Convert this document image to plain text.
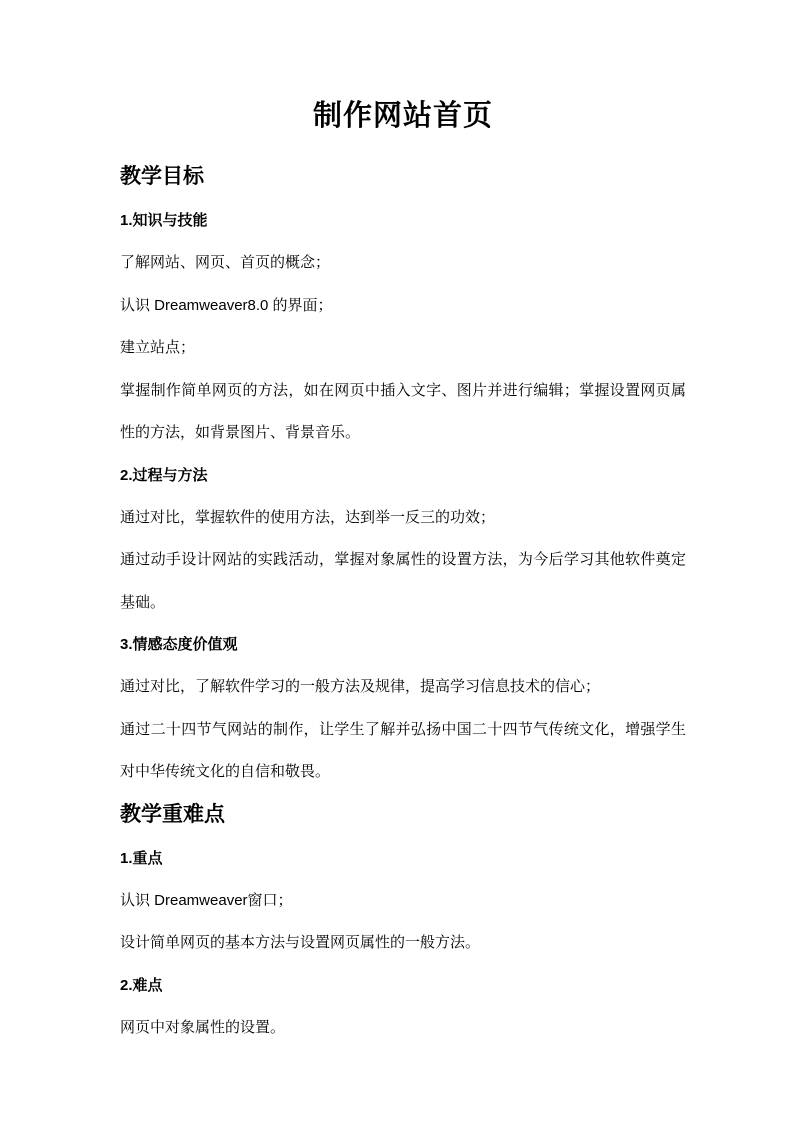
制作网站首页
教学目标
1.知识与技能

了解网站、网页、首页的概念；

认识 Dreamweaver8.0 的界面；

建立站点；

掌握制作简单网页的方法，如在网页中插入文字、图片并进行编辑；掌握设置网页属性的方法，如背景图片、背景音乐。

2.过程与方法

通过对比，掌握软件的使用方法，达到举一反三的功效；

通过动手设计网站的实践活动，掌握对象属性的设置方法，为今后学习其他软件奠定基础。

3.情感态度价值观

通过对比，了解软件学习的一般方法及规律，提高学习信息技术的信心；

通过二十四节气网站的制作，让学生了解并弘扬中国二十四节气传统文化，增强学生对中华传统文化的自信和敬畏。

教学重难点
1.重点

认识 Dreamweaver窗口；

设计简单网页的基本方法与设置网页属性的一般方法。

2.难点

网页中对象属性的设置。
